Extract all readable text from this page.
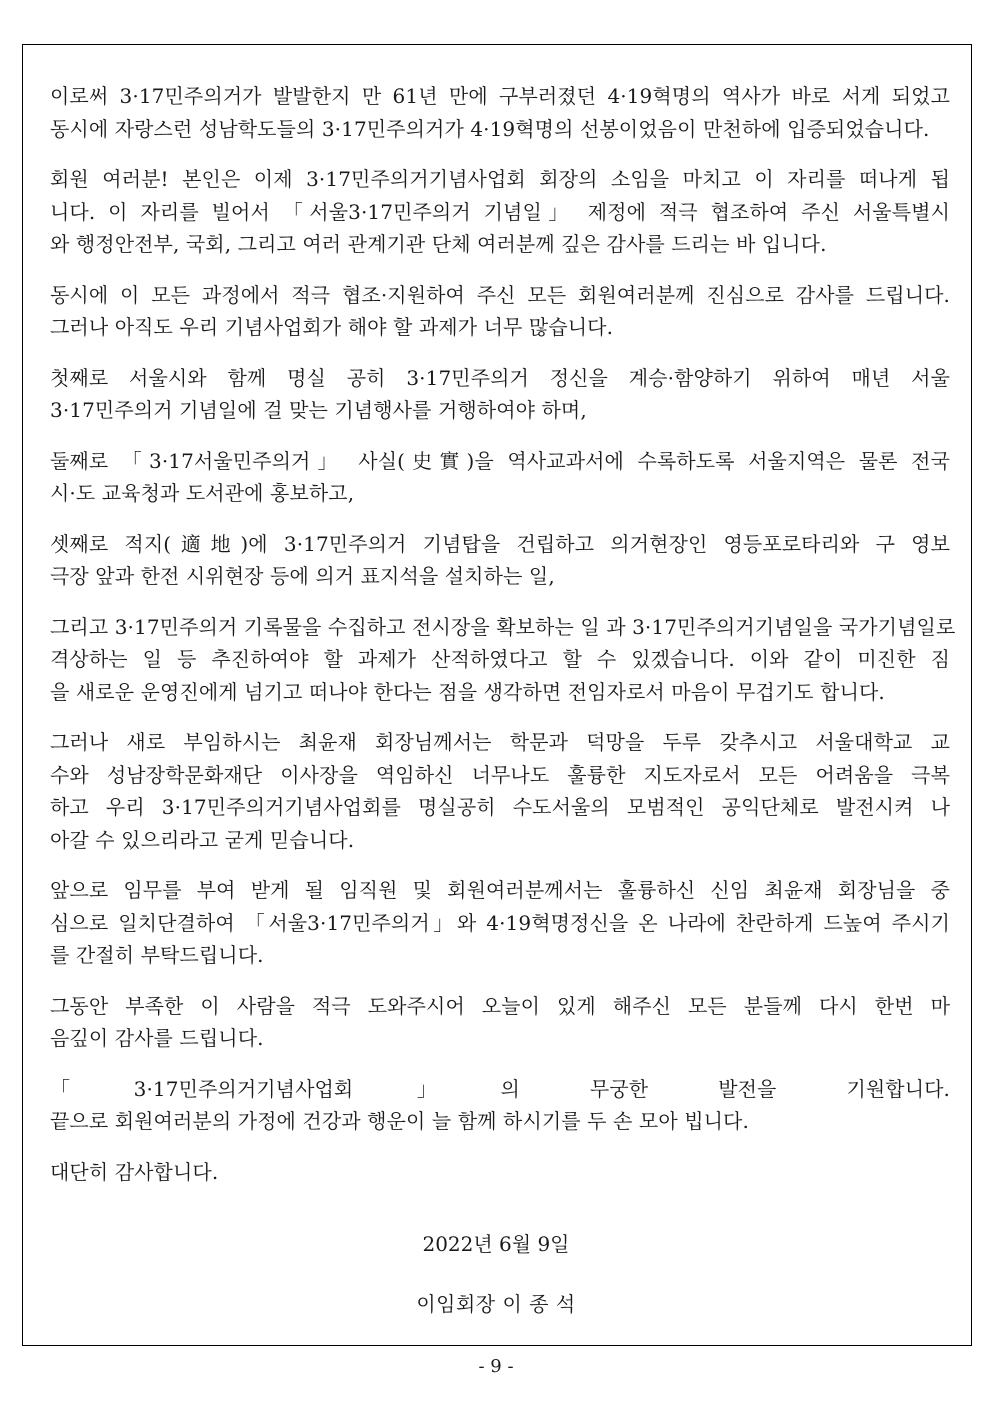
이로써 3·17민주의거가 발발한지 만 61년 만에 구부러졌던 4·19혁명의 역사가 바로 서게 되었고
동시에 자랑스런 성남학도들의 3·17민주의거가 4·19혁명의 선봉이었음이 만천하에 입증되었습니다.
회원 여러분! 본인은 이제 3·17민주의거기념사업회 회장의 소임을 마치고 이 자리를 떠나게 됩
니다. 이 자리를 빌어서 「서울3·17민주의거 기념일」 제정에 적극 협조하여 주신 서울특별시
와 행정안전부, 국회, 그리고 여러 관계기관 단체 여러분께 깊은 감사를 드리는 바 입니다.
동시에 이 모든 과정에서 적극 협조·지원하여 주신 모든 회원여러분께 진심으로 감사를 드립니다.
그러나 아직도 우리 기념사업회가 해야 할 과제가 너무 많습니다.
첫째로 서울시와 함께 명실 공히 3·17민주의거 정신을 계승·함양하기 위하여 매년 서울
3·17민주의거 기념일에 걸 맞는 기념행사를 거행하여야 하며,
둘째로 「3·17서울민주의거」 사실(史實)을 역사교과서에 수록하도록 서울지역은 물론 전국
시·도 교육청과 도서관에 홍보하고,
셋째로 적지(適地)에 3·17민주의거 기념탑을 건립하고 의거현장인 영등포로타리와 구 영보
극장 앞과 한전 시위현장 등에 의거 표지석을 설치하는 일,
그리고 3·17민주의거 기록물을 수집하고 전시장을 확보하는 일 과 3·17민주의거기념일을 국가기념일로
격상하는 일 등 추진하여야 할 과제가 산적하였다고 할 수 있겠습니다. 이와 같이 미진한 짐
을 새로운 운영진에게 넘기고 떠나야 한다는 점을 생각하면 전임자로서 마음이 무겁기도 합니다.
그러나 새로 부임하시는 최윤재 회장님께서는 학문과 덕망을 두루 갖추시고 서울대학교 교
수와 성남장학문화재단 이사장을 역임하신 너무나도 훌륭한 지도자로서 모든 어려움을 극복
하고 우리 3·17민주의거기념사업회를 명실공히 수도서울의 모범적인 공익단체로 발전시켜 나
아갈 수 있으리라고 굳게 믿습니다.
앞으로 임무를 부여 받게 될 임직원 및 회원여러분께서는 훌륭하신 신임 최윤재 회장님을 중
심으로 일치단결하여 「서울3·17민주의거」와 4·19혁명정신을 온 나라에 찬란하게 드높여 주시기
를 간절히 부탁드립니다.
그동안 부족한 이 사람을 적극 도와주시어 오늘이 있게 해주신 모든 분들께 다시 한번 마
음깊이 감사를 드립니다.
「3·17민주의거기념사업회」의 무궁한 발전을 기원합니다.
끝으로 회원여러분의 가정에 건강과 행운이 늘 함께 하시기를 두 손 모아 빕니다.
대단히 감사합니다.
2022년 6월 9일
이임회장 이 종 석
- 9 -
